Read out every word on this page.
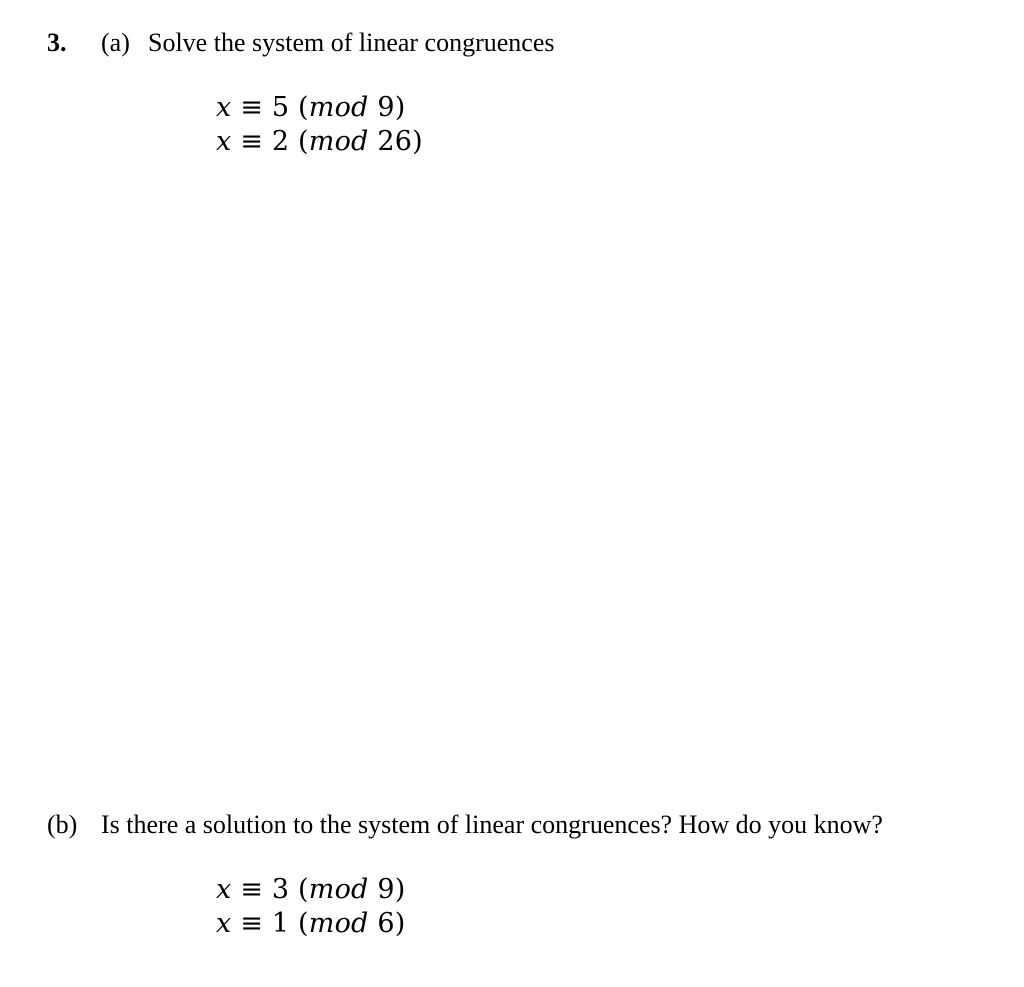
3. (a) Solve the system of linear congruences
x ≡ 5 (mod 9)
x ≡ 2 (mod 26)
(b) Is there a solution to the system of linear congruences? How do you know?
x ≡ 3 (mod 9)
x ≡ 1 (mod 6)
